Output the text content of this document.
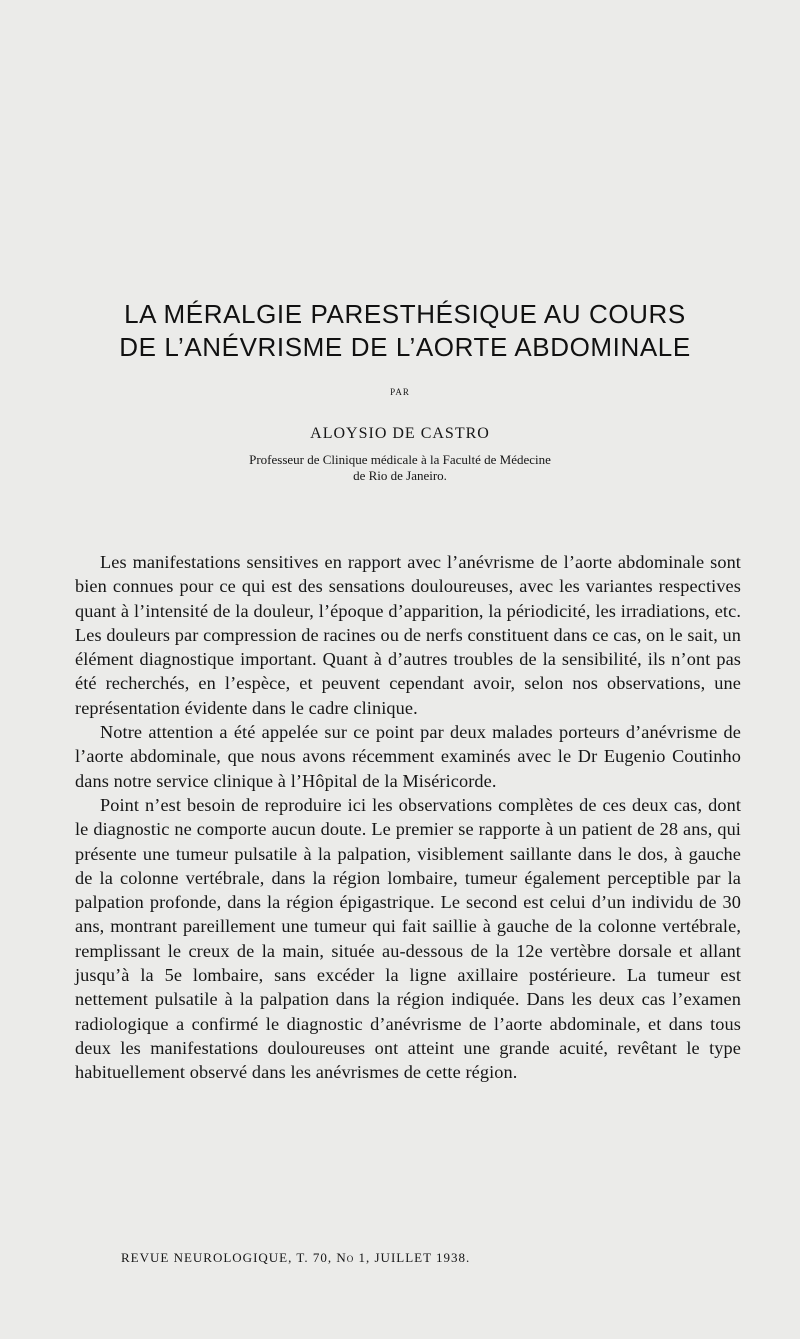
LA MÉRALGIE PARESTHÉSIQUE AU COURS
DE L’ANÉVRISME DE L’AORTE ABDOMINALE
PAR
ALOYSIO DE CASTRO
Professeur de Clinique médicale à la Faculté de Médecine
de Rio de Janeiro.

Les manifestations sensitives en rapport avec l’anévrisme de l’aorte abdominale sont bien connues pour ce qui est des sensations douloureuses, avec les variantes respectives quant à l’intensité de la douleur, l’époque d’apparition, la périodicité, les irradiations, etc. Les douleurs par compression de racines ou de nerfs constituent dans ce cas, on le sait, un élément diagnostique important. Quant à d’autres troubles de la sensibilité, ils n’ont pas été recherchés, en l’espèce, et peuvent cependant avoir, selon nos observations, une représentation évidente dans le cadre clinique.

Notre attention a été appelée sur ce point par deux malades porteurs d’anévrisme de l’aorte abdominale, que nous avons récemment examinés avec le Dr Eugenio Coutinho dans notre service clinique à l’Hôpital de la Miséricorde.

Point n’est besoin de reproduire ici les observations complètes de ces deux cas, dont le diagnostic ne comporte aucun doute. Le premier se rapporte à un patient de 28 ans, qui présente une tumeur pulsatile à la palpation, visiblement saillante dans le dos, à gauche de la colonne vertébrale, dans la région lombaire, tumeur également perceptible par la palpation profonde, dans la région épigastrique. Le second est celui d’un individu de 30 ans, montrant pareillement une tumeur qui fait saillie à gauche de la colonne vertébrale, remplissant le creux de la main, située au-dessous de la 12e vertèbre dorsale et allant jusqu’à la 5e lombaire, sans excéder la ligne axillaire postérieure. La tumeur est nettement pulsatile à la palpation dans la région indiquée. Dans les deux cas l’examen radiologique a confirmé le diagnostic d’anévrisme de l’aorte abdominale, et dans tous deux les manifestations douloureuses ont atteint une grande acuité, revêtant le type habituellement observé dans les anévrismes de cette région.

REVUE NEUROLOGIQUE, T. 70, No 1, JUILLET 1938.
